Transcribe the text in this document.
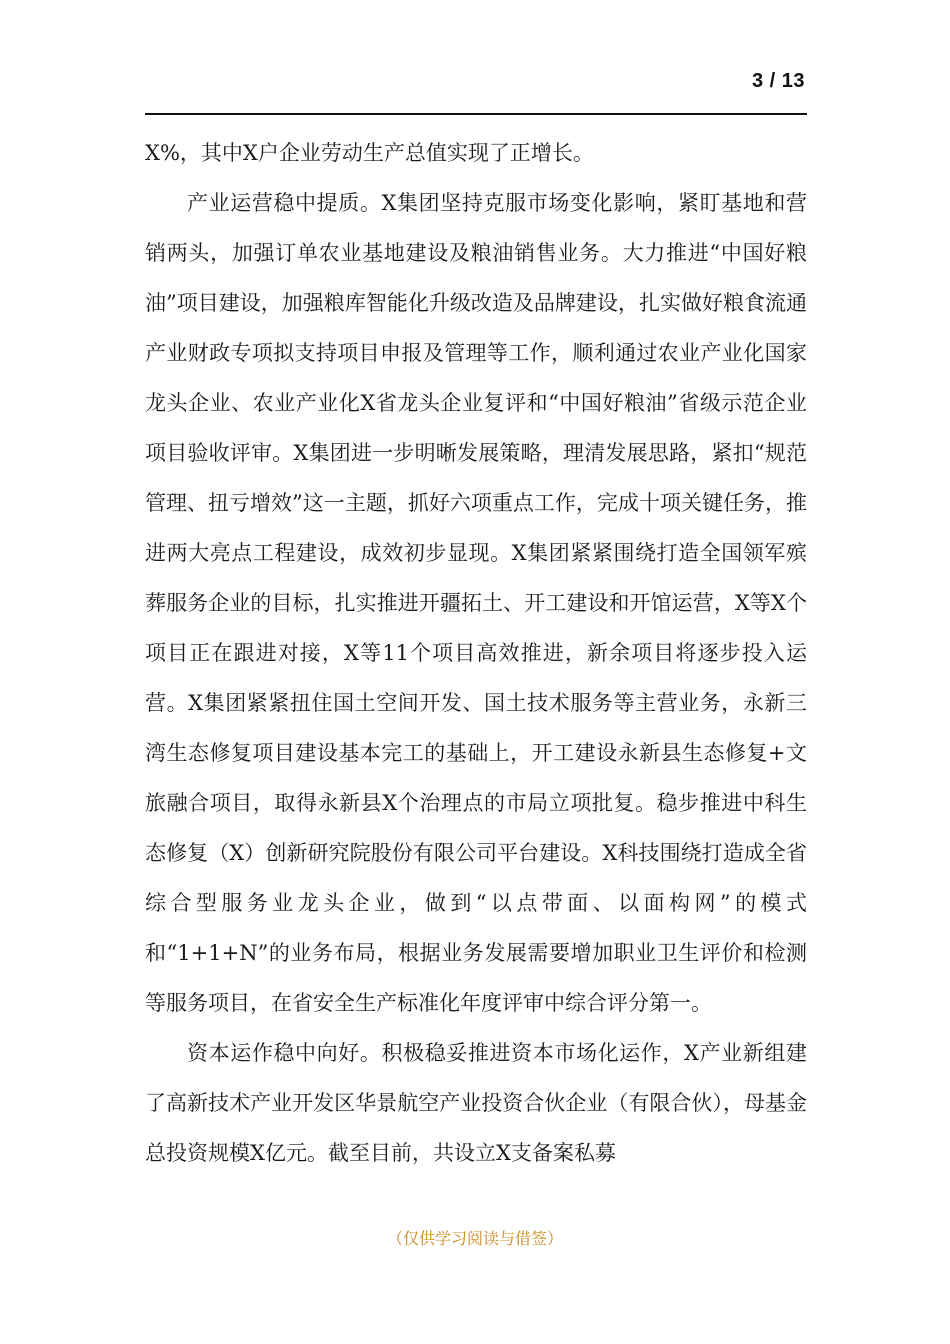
3 / 13

X%，其中X户企业劳动生产总值实现了正增长。

产业运营稳中提质。X集团坚持克服市场变化影响，紧盯基地和营销两头，加强订单农业基地建设及粮油销售业务。大力推进“中国好粮油”项目建设，加强粮库智能化升级改造及品牌建设，扎实做好粮食流通产业财政专项拟支持项目申报及管理等工作，顺利通过农业产业化国家龙头企业、农业产业化X省龙头企业复评和“中国好粮油”省级示范企业项目验收评审。X集团进一步明晰发展策略，理清发展思路，紧扣“规范管理、扭亏增效”这一主题，抓好六项重点工作，完成十项关键任务，推进两大亮点工程建设，成效初步显现。X集团紧紧围绕打造全国领军殡葬服务企业的目标，扎实推进开疆拓土、开工建设和开馆运营，X等X个项目正在跟进对接，X等11个项目高效推进，新余项目将逐步投入运营。X集团紧紧扭住国土空间开发、国土技术服务等主营业务，永新三湾生态修复项目建设基本完工的基础上，开工建设永新县生态修复+文旅融合项目，取得永新县X个治理点的市局立项批复。稳步推进中科生态修复（X）创新研究院股份有限公司平台建设。X科技围绕打造成全省综合型服务业龙头企业，做到“以点带面、以面构网”的模式和“1+1+N”的业务布局，根据业务发展需要增加职业卫生评价和检测等服务项目，在省安全生产标准化年度评审中综合评分第一。

资本运作稳中向好。积极稳妥推进资本市场化运作，X产业新组建了高新技术产业开发区华景航空产业投资合伙企业（有限合伙），母基金总投资规模X亿元。截至目前，共设立X支备案私募

（仅供学习阅读与借签）
